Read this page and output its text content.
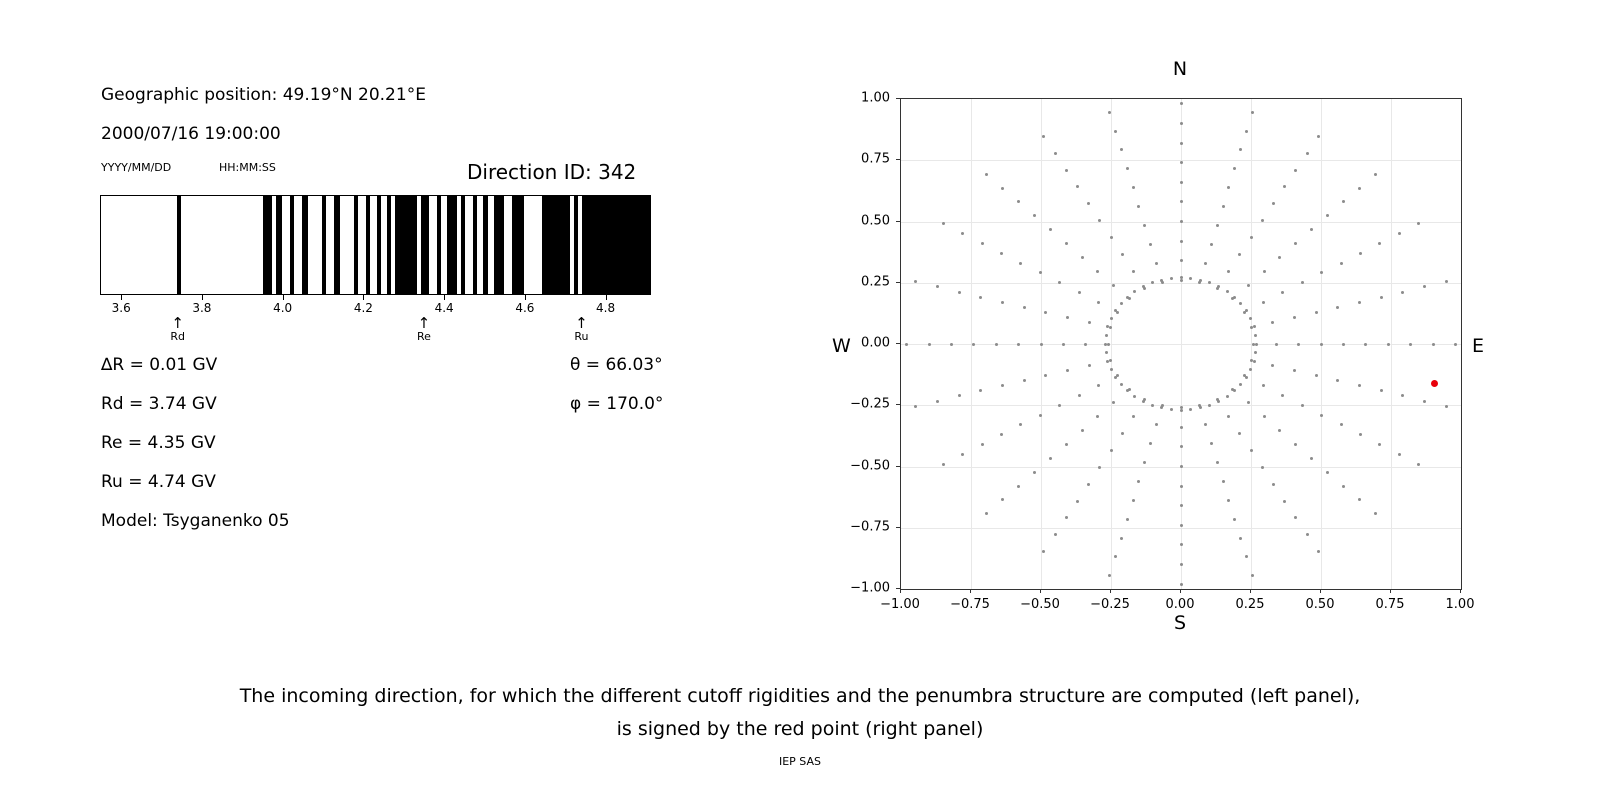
Geographic position: 49.19°N 20.21°E
2000/07/16 19:00:00
YYYY/MM/DD	HH:MM:SS	Direction ID: 342
3.6	3.8	4.0	4.2	4.4	4.6	4.8
↑
Rd
↑
Re
↑
Ru
∆R = 0.01 GV
Rd = 3.74 GV
Re = 4.35 GV
Ru = 4.74 GV
Model: Tsyganenko 05
θ = 66.03°
φ = 170.0°
N
S
W	E
−1.00
−0.75
−0.50
−0.25
0.00
0.25
0.50
0.75
1.00
−1.00 −0.75 −0.50 −0.25	0.00	0.25	0.50	0.75	1.00
The incoming direction, for which the different cutoff rigidities and the penumbra structure are computed (left panel),
is signed by the red point (right panel)
IEP SAS
